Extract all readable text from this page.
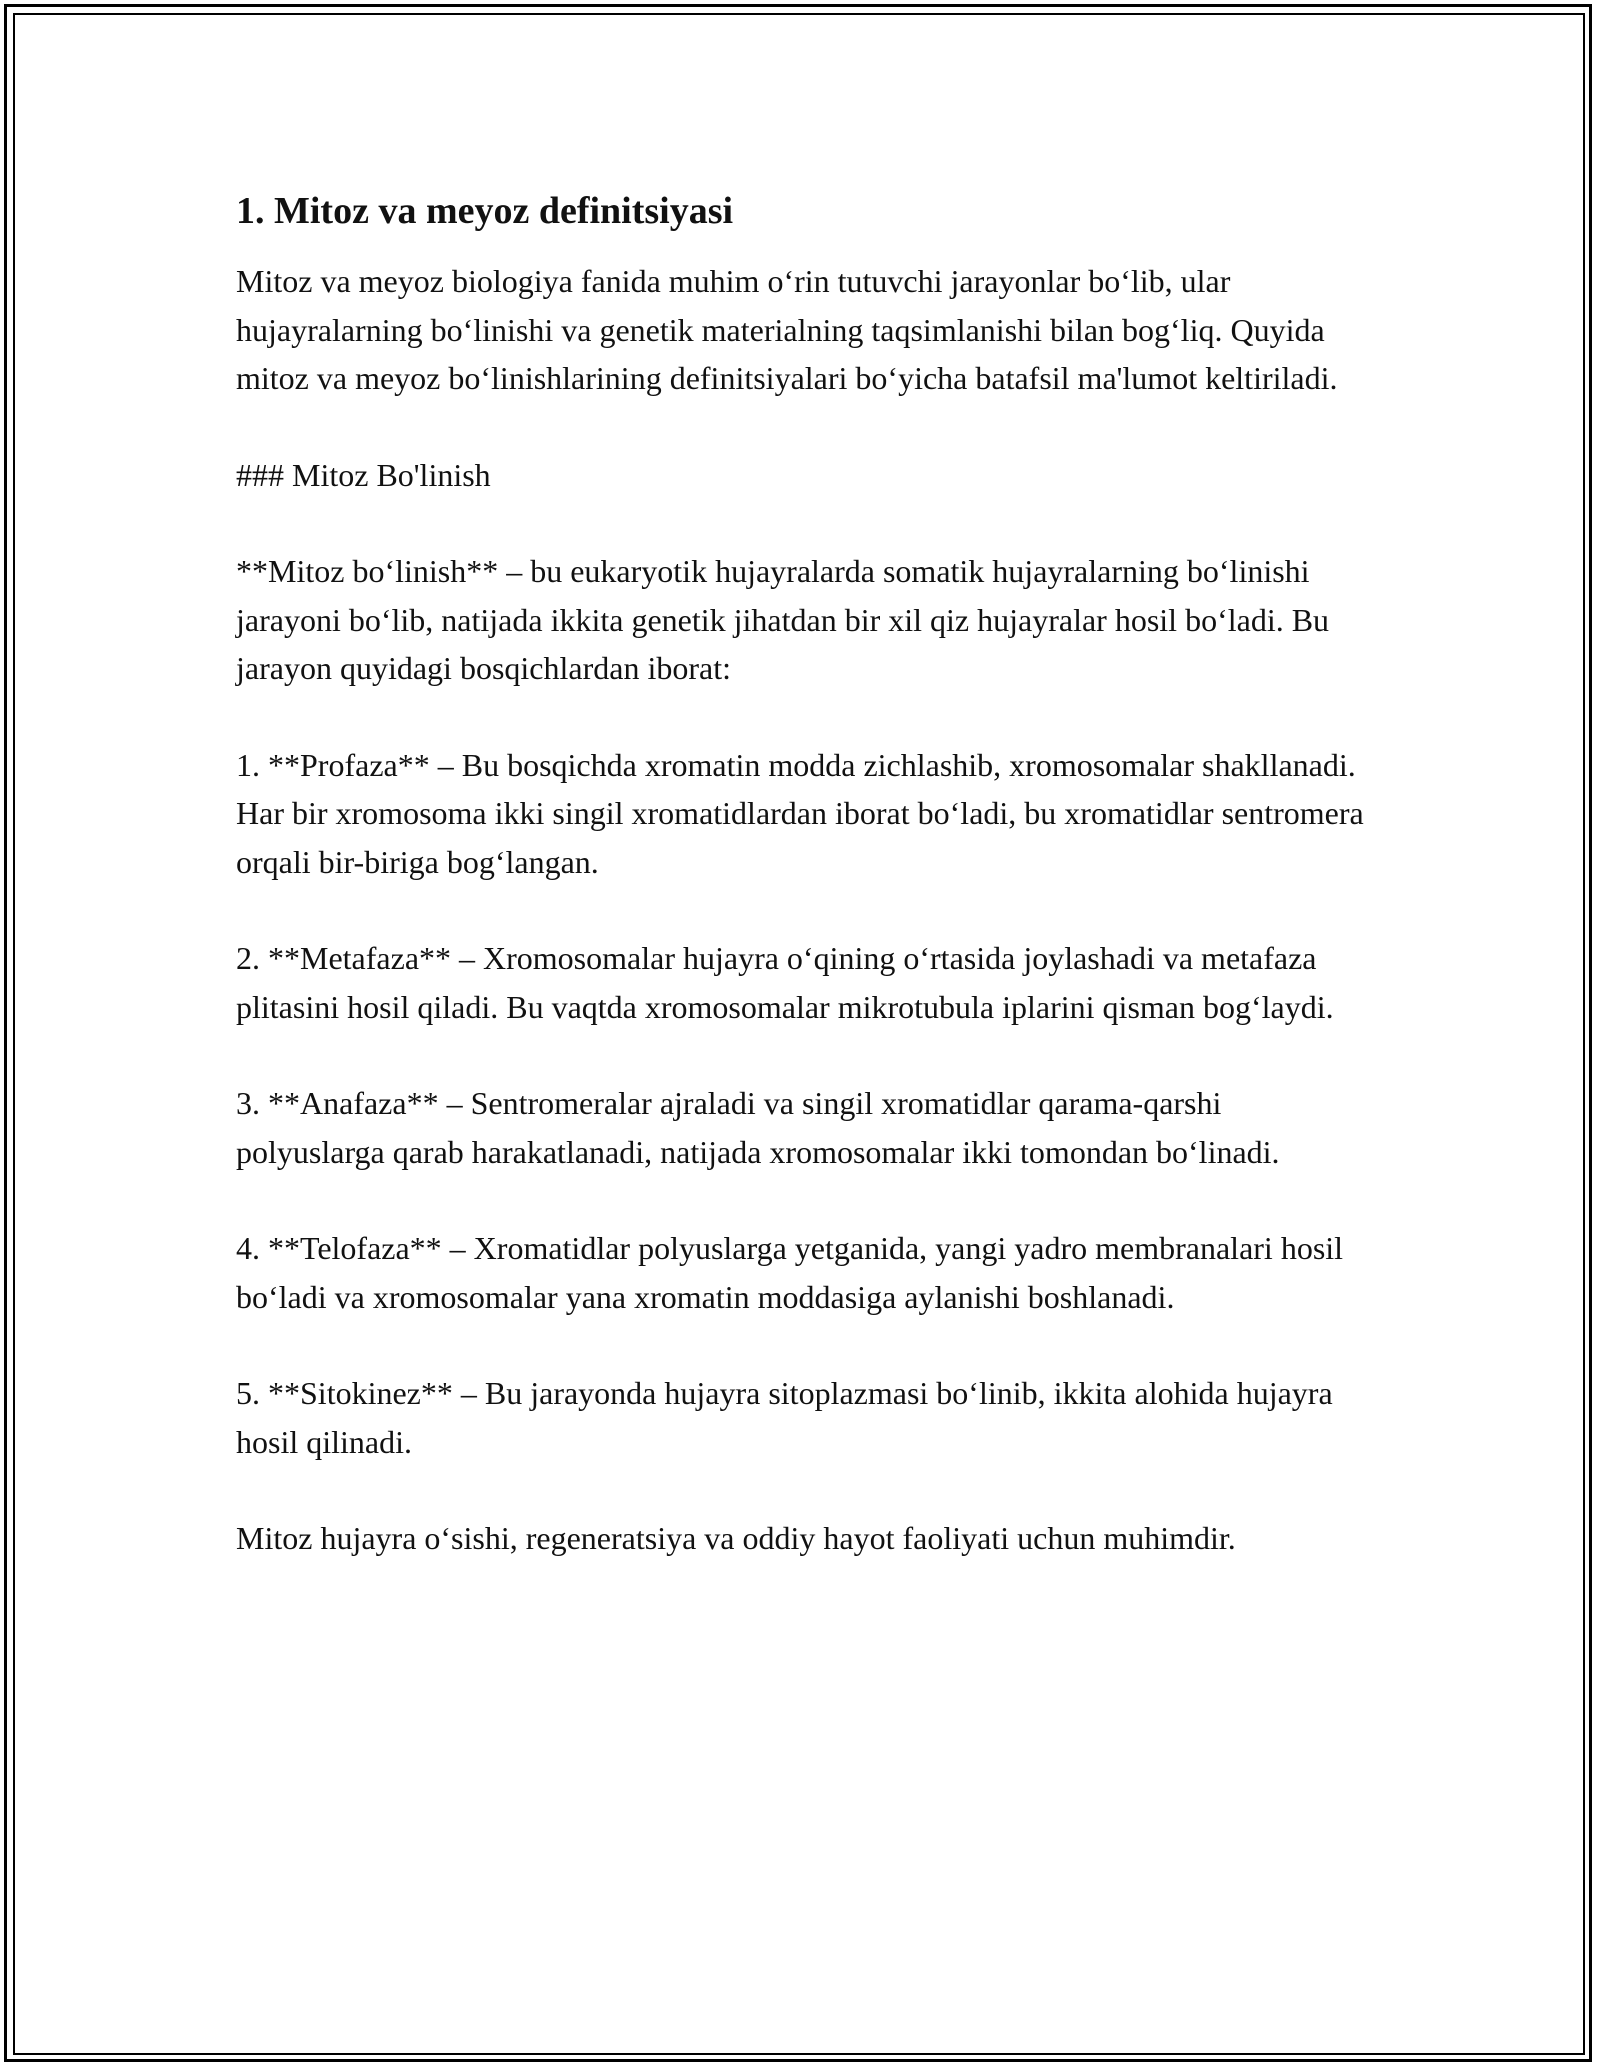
1. Mitoz va meyoz definitsiyasi

Mitoz va meyoz biologiya fanida muhim o‘rin tutuvchi jarayonlar bo‘lib, ular hujayralarning bo‘linishi va genetik materialning taqsimlanishi bilan bog‘liq. Quyida mitoz va meyoz bo‘linishlarining definitsiyalari bo‘yicha batafsil ma'lumot keltiriladi.

### Mitoz Bo'linish

**Mitoz bo‘linish** – bu eukaryotik hujayralarda somatik hujayralarning bo‘linishi jarayoni bo‘lib, natijada ikkita genetik jihatdan bir xil qiz hujayralar hosil bo‘ladi. Bu jarayon quyidagi bosqichlardan iborat:

1. **Profaza** – Bu bosqichda xromatin modda zichlashib, xromosomalar shakllanadi. Har bir xromosoma ikki singil xromatidlardan iborat bo‘ladi, bu xromatidlar sentromera orqali bir-biriga bog‘langan.

2. **Metafaza** – Xromosomalar hujayra o‘qining o‘rtasida joylashadi va metafaza plitasini hosil qiladi. Bu vaqtda xromosomalar mikrotubula iplarini qisman bog‘laydi.

3. **Anafaza** – Sentromeralar ajraladi va singil xromatidlar qarama-qarshi polyuslarga qarab harakatlanadi, natijada xromosomalar ikki tomondan bo‘linadi.

4. **Telofaza** – Xromatidlar polyuslarga yetganida, yangi yadro membranalari hosil bo‘ladi va xromosomalar yana xromatin moddasiga aylanishi boshlanadi.

5. **Sitokinez** – Bu jarayonda hujayra sitoplazmasi bo‘linib, ikkita alohida hujayra hosil qilinadi.

Mitoz hujayra o‘sishi, regeneratsiya va oddiy hayot faoliyati uchun muhimdir.
